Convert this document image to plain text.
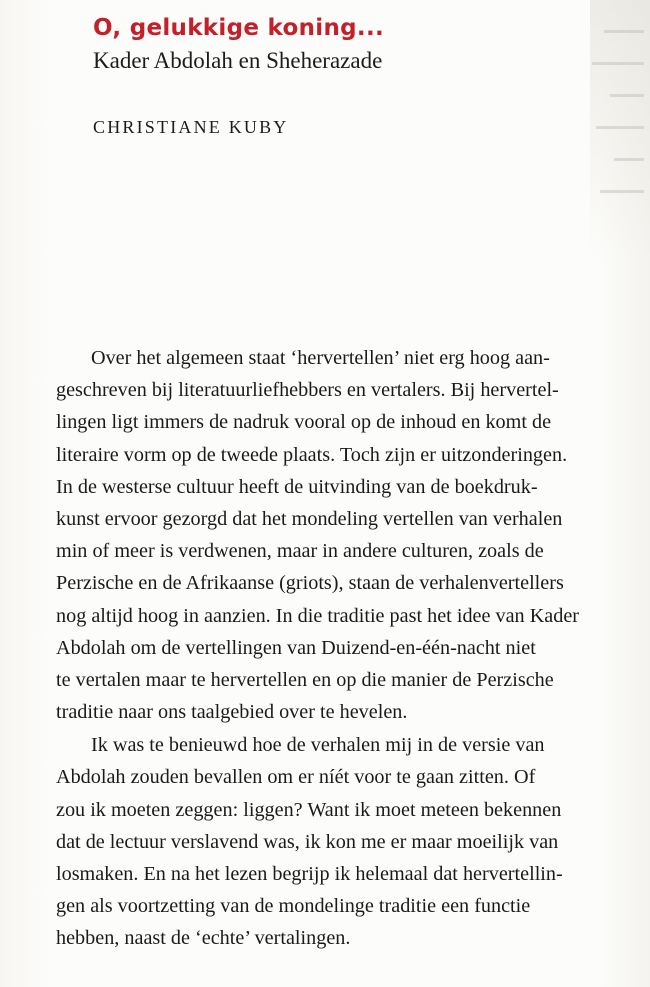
O, gelukkige koning...
Kader Abdolah en Sheherazade
CHRISTIANE KUBY
Over het algemeen staat ‘hervertellen’ niet erg hoog aan-
geschreven bij literatuurliefhebbers en vertalers. Bij hervertel-
lingen ligt immers de nadruk vooral op de inhoud en komt de
literaire vorm op de tweede plaats. Toch zijn er uitzonderingen.
In de westerse cultuur heeft de uitvinding van de boekdruk-
kunst ervoor gezorgd dat het mondeling vertellen van verhalen
min of meer is verdwenen, maar in andere culturen, zoals de
Perzische en de Afrikaanse (griots), staan de verhalenvertellers
nog altijd hoog in aanzien. In die traditie past het idee van Kader
Abdolah om de vertellingen van Duizend-en-één-nacht niet
te vertalen maar te hervertellen en op die manier de Perzische
traditie naar ons taalgebied over te hevelen.
Ik was te benieuwd hoe de verhalen mij in de versie van
Abdolah zouden bevallen om er níét voor te gaan zitten. Of
zou ik moeten zeggen: liggen? Want ik moet meteen bekennen
dat de lectuur verslavend was, ik kon me er maar moeilijk van
losmaken. En na het lezen begrijp ik helemaal dat hervertellin-
gen als voortzetting van de mondelinge traditie een functie
hebben, naast de ‘echte’ vertalingen.
